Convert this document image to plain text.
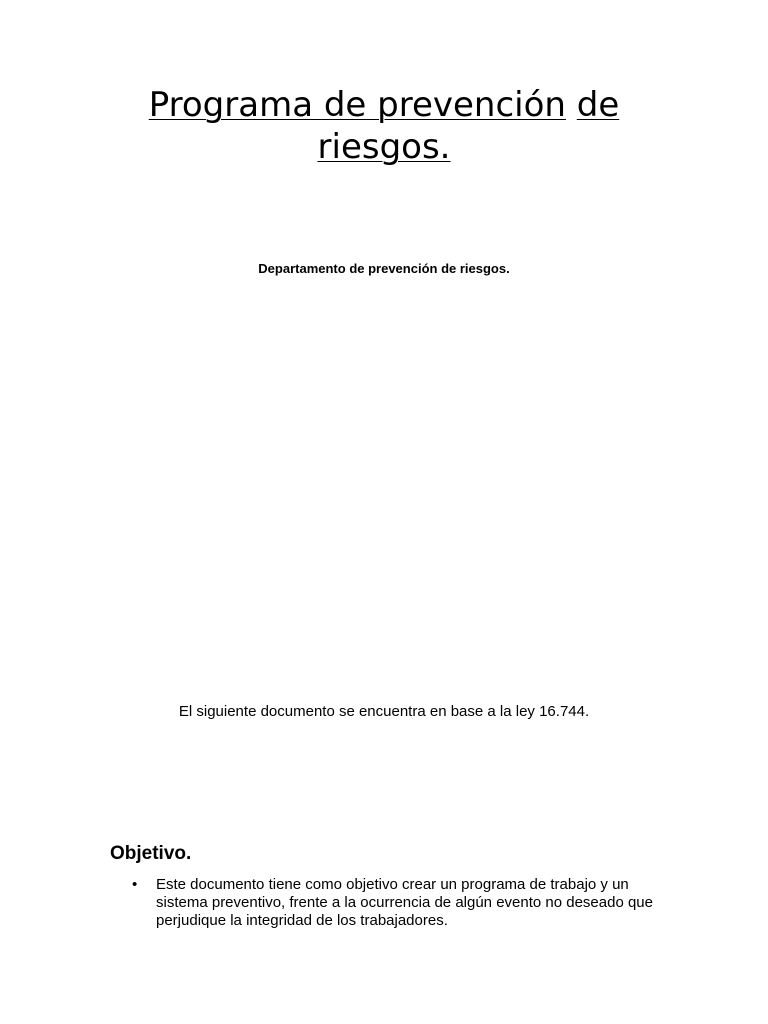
Programa de prevención de riesgos.

Departamento de prevención de riesgos.

El siguiente documento se encuentra en base a la ley 16.744.

Objetivo.
• Este documento tiene como objetivo crear un programa de trabajo y un sistema preventivo, frente a la ocurrencia de algún evento no deseado que perjudique la integridad de los trabajadores.
